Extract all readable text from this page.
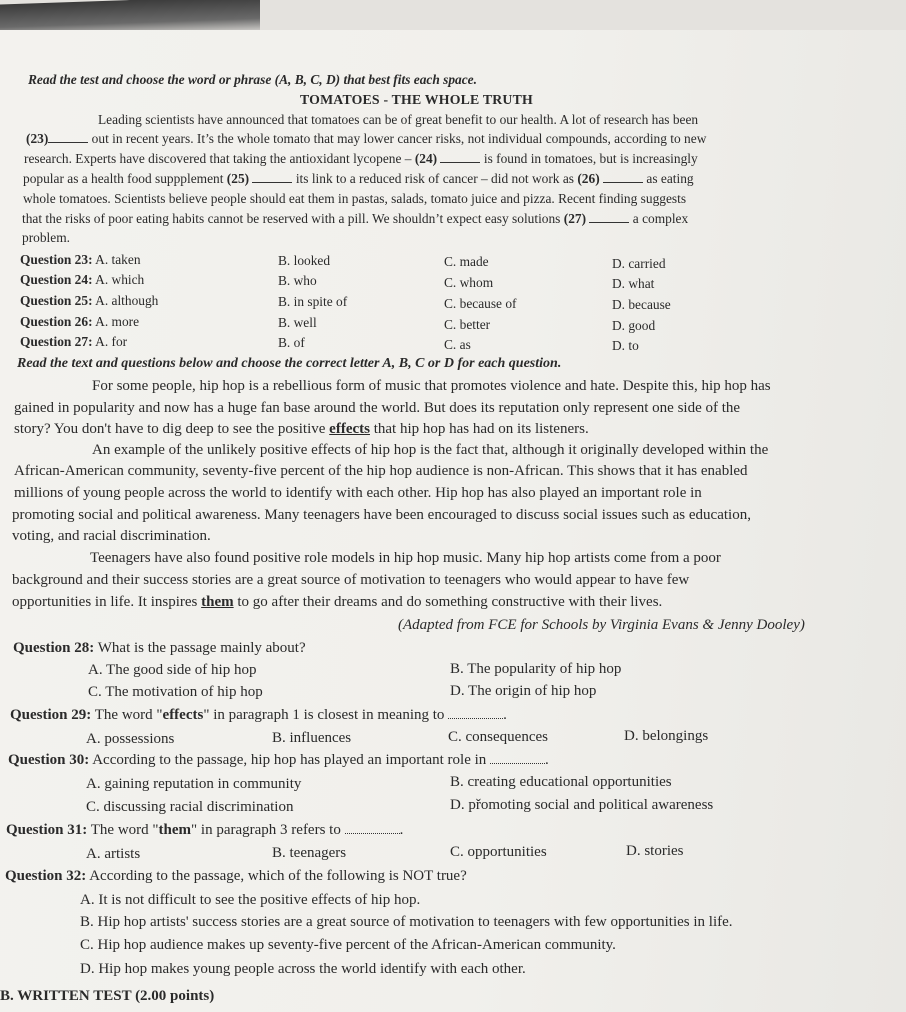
Read the test and choose the word or phrase (A, B, C, D) that best fits each space.
TOMATOES - THE WHOLE TRUTH
Leading scientists have announced that tomatoes can be of great benefit to our health. A lot of research has been
(23)	out in recent years. It’s the whole tomato that may lower cancer risks, not individual compounds, according to new
research. Experts have discovered that taking the antioxidant lycopene – (24)	is found in tomatoes, but is increasingly
popular as a health food suppplement (25)	its link to a reduced risk of cancer – did not work as (26)	as eating
whole tomatoes. Scientists believe people should eat them in pastas, salads, tomato juice and pizza. Recent finding suggests
that the risks of poor eating habits cannot be reserved with a pill. We shouldn’t expect easy solutions (27)	a complex
problem.
Question 23: A. taken	B. looked	C. made	D. carried
Question 24: A. which	B. who	C. whom	D. what
Question 25: A. although	B. in spite of	C. because of	D. because
Question 26: A. more	B. well	C. better	D. good
Question 27: A. for	B. of	C. as	D. to
Read the text and questions below and choose the correct letter A, B, C or D for each question.
For some people, hip hop is a rebellious form of music that promotes violence and hate. Despite this, hip hop has
gained in popularity and now has a huge fan base around the world. But does its reputation only represent one side of the
story? You don't have to dig deep to see the positive effects that hip hop has had on its listeners.
An example of the unlikely positive effects of hip hop is the fact that, although it originally developed within the
African-American community, seventy-five percent of the hip hop audience is non-African. This shows that it has enabled
millions of young people across the world to identify with each other. Hip hop has also played an important role in
promoting social and political awareness. Many teenagers have been encouraged to discuss social issues such as education,
voting, and racial discrimination.
Teenagers have also found positive role models in hip hop music. Many hip hop artists come from a poor
background and their success stories are a great source of motivation to teenagers who would appear to have few
opportunities in life. It inspires them to go after their dreams and do something constructive with their lives.
(Adapted from FCE for Schools by Virginia Evans & Jenny Dooley)
Question 28: What is the passage mainly about?
A. The good side of hip hop	B. The popularity of hip hop
C. The motivation of hip hop	D. The origin of hip hop
Question 29: The word "effects" in paragraph 1 is closest in meaning to	.
A. possessions	B. influences	C. consequences	D. belongings
Question 30: According to the passage, hip hop has played an important role in	.
A. gaining reputation in community	B. creating educational opportunities
C. discussing racial discrimination	D. přomoting social and political awareness
Question 31: The word "them" in paragraph 3 refers to	.
A. artists	B. teenagers	C. opportunities	D. stories
Question 32: According to the passage, which of the following is NOT true?
A. It is not difficult to see the positive effects of hip hop.
B. Hip hop artists' success stories are a great source of motivation to teenagers with few opportunities in life.
C. Hip hop audience makes up seventy-five percent of the African-American community.
D. Hip hop makes young people across the world identify with each other.
B. WRITTEN TEST (2.00 points)
